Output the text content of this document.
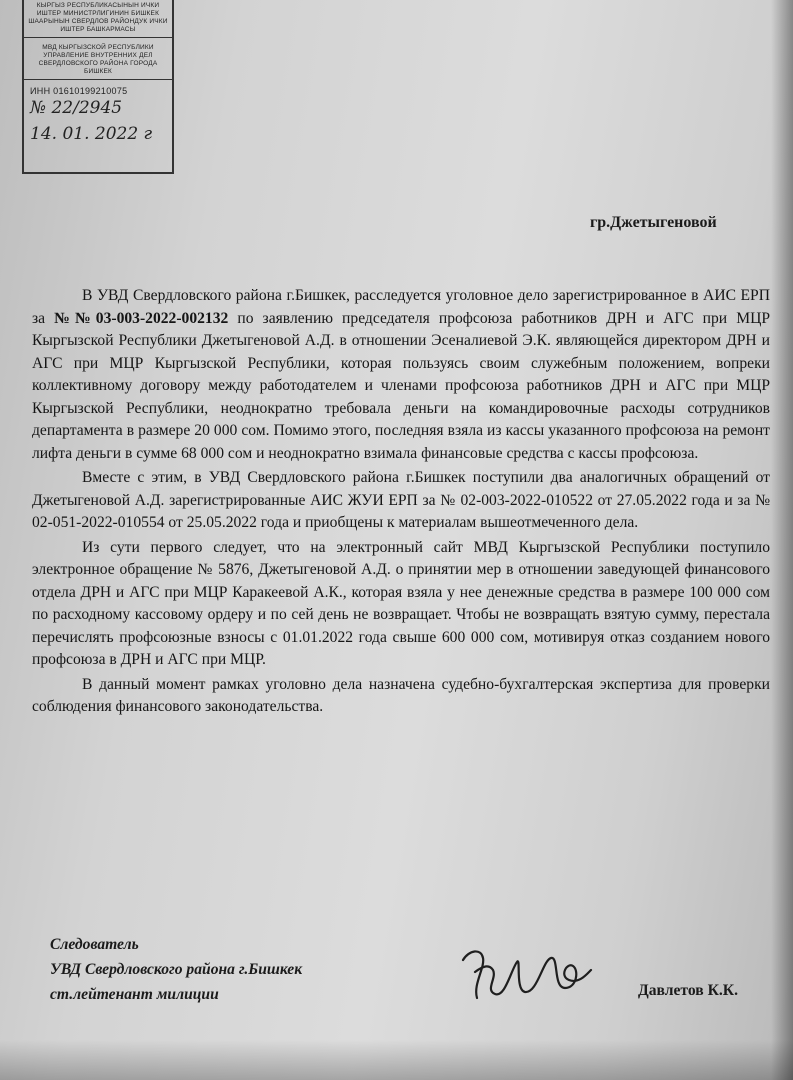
КЫРГЫЗ РЕСПУБЛИКАСЫНЫН ИЧКИ ИШТЕР МИНИСТРЛИГИНИН БИШКЕК ШААРЫНЫН СВЕРДЛОВ РАЙОНДУК ИЧКИ ИШТЕР БАШКАРМАСЫ
МВД КЫРГЫЗСКОЙ РЕСПУБЛИКИ УПРАВЛЕНИЕ ВНУТРЕННИХ ДЕЛ СВЕРДЛОВСКОГО РАЙОНА ГОРОДА БИШКЕК
ИНН 01610199210075
№ 22/2945
14. 01. 2022 г
гр.Джетыгеновой

В УВД Свердловского района г.Бишкек, расследуется уголовное дело зарегистрированное в АИС ЕРП за №№03-003-2022-002132 по заявлению председателя профсоюза работников ДРН и АГС при МЦР Кыргызской Республики Джетыгеновой А.Д. в отношении Эсеналиевой Э.К. являющейся директором ДРН и АГС при МЦР Кыргызской Республики, которая пользуясь своим служебным положением, вопреки коллективному договору между работодателем и членами профсоюза работников ДРН и АГС при МЦР Кыргызской Республики, неоднократно требовала деньги на командировочные расходы сотрудников департамента в размере 20 000 сом. Помимо этого, последняя взяла из кассы указанного профсоюза на ремонт лифта деньги в сумме 68 000 сом и неоднократно взимала финансовые средства с кассы профсоюза.

Вместе с этим, в УВД Свердловского района г.Бишкек поступили два аналогичных обращений от Джетыгеновой А.Д. зарегистрированные АИС ЖУИ ЕРП за № 02-003-2022-010522 от 27.05.2022 года и за № 02-051-2022-010554 от 25.05.2022 года и приобщены к материалам вышеотмеченного дела.

Из сути первого следует, что на электронный сайт МВД Кыргызской Республики поступило электронное обращение № 5876, Джетыгеновой А.Д. о принятии мер в отношении заведующей финансового отдела ДРН и АГС при МЦР Каракеевой А.К., которая взяла у нее денежные средства в размере 100 000 сом по расходному кассовому ордеру и по сей день не возвращает. Чтобы не возвращать взятую сумму, перестала перечислять профсоюзные взносы с 01.01.2022 года свыше 600 000 сом, мотивируя отказ созданием нового профсоюза в ДРН и АГС при МЦР.

В данный момент рамках уголовно дела назначена судебно-бухгалтерская экспертиза для проверки соблюдения финансового законодательства.

Следователь
УВД Свердловского района г.Бишкек
ст.лейтенант милиции	Давлетов К.К.
